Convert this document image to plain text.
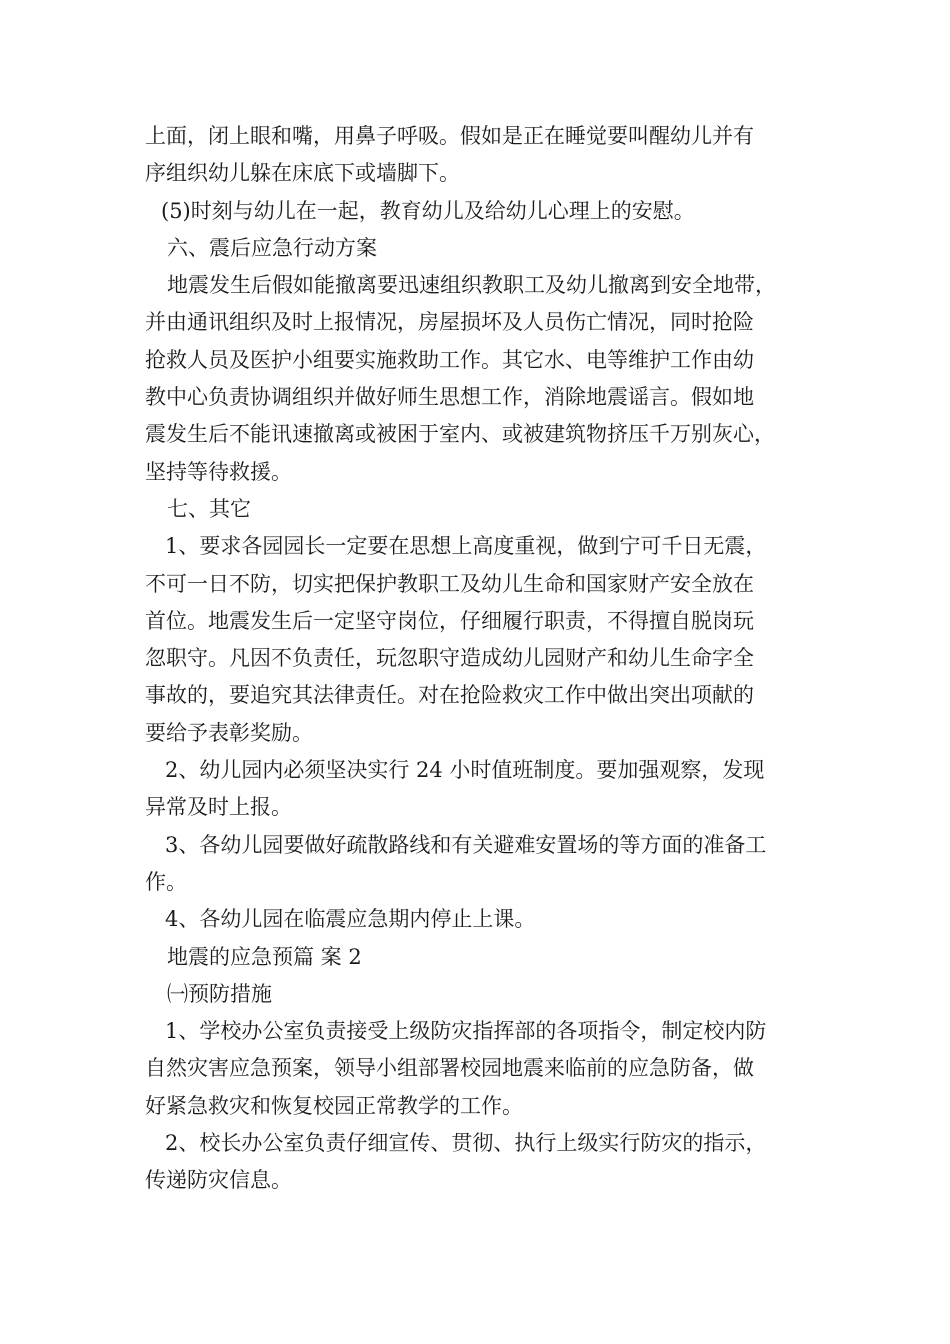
上面，闭上眼和嘴，用鼻子呼吸。假如是正在睡觉要叫醒幼儿并有
序组织幼儿躲在床底下或墙脚下。
(5)时刻与幼儿在一起，教育幼儿及给幼儿心理上的安慰。
六、震后应急行动方案
地震发生后假如能撤离要迅速组织教职工及幼儿撤离到安全地带，
并由通讯组织及时上报情况，房屋损坏及人员伤亡情况，同时抢险
抢救人员及医护小组要实施救助工作。其它水、电等维护工作由幼
教中心负责协调组织并做好师生思想工作，消除地震谣言。假如地
震发生后不能讯速撤离或被困于室内、或被建筑物挤压千万别灰心，
坚持等待救援。
七、其它
1、要求各园园长一定要在思想上高度重视，做到宁可千日无震，
不可一日不防，切实把保护教职工及幼儿生命和国家财产安全放在
首位。地震发生后一定坚守岗位，仔细履行职责，不得擅自脱岗玩
忽职守。凡因不负责任，玩忽职守造成幼儿园财产和幼儿生命字全
事故的，要追究其法律责任。对在抢险救灾工作中做出突出项献的
要给予表彰奖励。
2、幼儿园内必须坚决实行 24 小时值班制度。要加强观察，发现
异常及时上报。
3、各幼儿园要做好疏散路线和有关避难安置场的等方面的准备工
作。
4、各幼儿园在临震应急期内停止上课。
地震的应急预篇 案 2
㈠预防措施
1、学校办公室负责接受上级防灾指挥部的各项指令，制定校内防
自然灾害应急预案，领导小组部署校园地震来临前的应急防备，做
好紧急救灾和恢复校园正常教学的工作。
2、校长办公室负责仔细宣传、贯彻、执行上级实行防灾的指示，
传递防灾信息。
